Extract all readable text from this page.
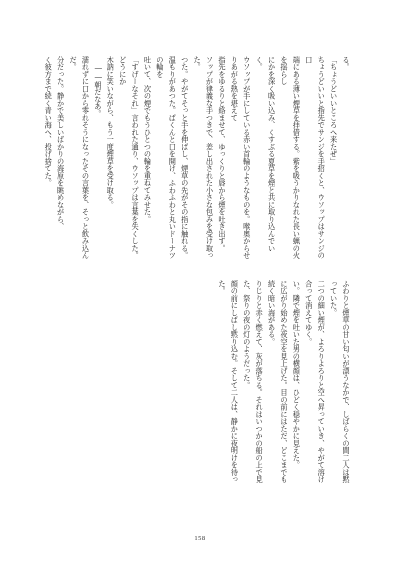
る。

「ちょうどいいところへ来たぜ」

ちょうどいいと指先でサンジを手招くと、ウソップはサンジの口

端にある薄い煙草を拝借する。紫を吸うかりなれた長い蝋の火を揺らし

にかを深く吸い込み、くすぶる夏草を煙と共に取り込んでいく。

ウソップが手にしている赤い首輪のようなものを。喉奥からせりあがる熱を堪えて

指先をゆるりと絡ませて、ゆっくりと唇から煙を吐き出す。

ソップが律義な手つきで、差し出された小さな包みを受け取った。

つた。やがてそっと手を伸ばし、煙草の先がその指に触れる。

温もりがあつた。ぱくんと口を開け、ふわふわと丸いドーナツの輪を

吐いて、次の煙でもうひとつの輪を重ねてみせた。

「すげーなそれ」言われた通り、ウソップは言葉を失くした。どうにか

木訥に笑いながら、もう一度煙草を受け取る。

――朝だなあ。

濡れずに口から零れそうになったその言葉を、そっと飲み込んだ。

分だった。静かで美しいばかりの海原を眺めながら、

く彼方まで続く青い海へ、投げ捨てた。

ふわりと煙草の甘い匂いが漂うなかで、しばらくの間二人は黙っていた。

二つの細い煙が、よろりよろりと空へ昇っていき、やがて溶け合って消えてゆく。

い。隣で煙を吐いた男の横顔は、ひどく穏やかに見えた。

に広がり始めた夜空を見上げた。目の前にはただ、どこまでも続く暗い海がある。

りじりと赤く燃えて、灰が落ちる。それはいつかの船の上で見た、祭りの夜の灯のようだった。

顔の前にしばし黙り込む。そして二人は、静かに夜明けを待った。

158
